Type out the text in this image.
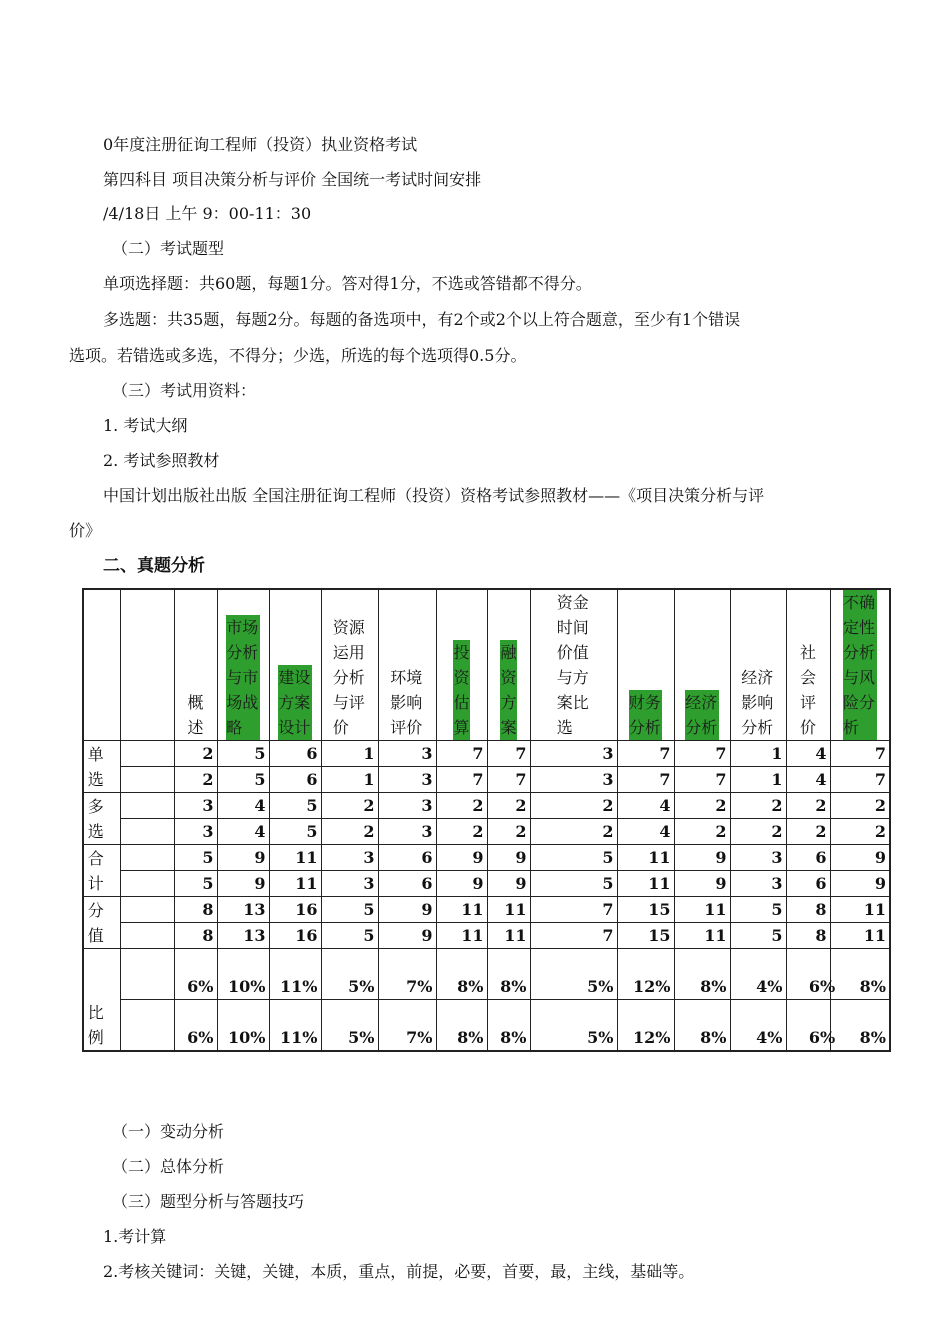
0年度注册征询工程师（投资）执业资格考试
第四科目 项目决策分析与评价 全国统一考试时间安排
/4/18日 上午 9：00-11：30
（二）考试题型
单项选择题：共60题，每题1分。答对得1分，不选或答错都不得分。
多选题：共35题，每题2分。每题的备选项中，有2个或2个以上符合题意，至少有1个错误
选项。若错选或多选，不得分；少选，所选的每个选项得0.5分。
（三）考试用资料：
1. 考试大纲
2. 考试参照教材
中国计划出版社出版 全国注册征询工程师（投资）资格考试参照教材——《项目决策分析与评
价》
二、真题分析
		概述	市场分析与市场战略	建设方案设计	资源运用分析与评价	环境影响评价	投资估算	融资方案	资金时间价值与方案比选	财务分析	经济分析	经济影响分析	社会评价	不确定性分析与风险分析
单选		2	5	6	1	3	7	7	3	7	7	1	4	7
		2	5	6	1	3	7	7	3	7	7	1	4	7
多选		3	4	5	2	3	2	2	2	4	2	2	2	2
		3	4	5	2	3	2	2	2	4	2	2	2	2
合计		5	9	11	3	6	9	9	5	11	9	3	6	9
		5	9	11	3	6	9	9	5	11	9	3	6	9
分值		8	13	16	5	9	11	11	7	15	11	5	8	11
		8	13	16	5	9	11	11	7	15	11	5	8	11
比例		6%	10%	11%	5%	7%	8%	8%	5%	12%	8%	4%	6%	8%
		6%	10%	11%	5%	7%	8%	8%	5%	12%	8%	4%	6%	8%
（一）变动分析
（二）总体分析
（三）题型分析与答题技巧
1.考计算
2.考核关键词：关键，关键，本质，重点，前提，必要，首要，最，主线，基础等。
